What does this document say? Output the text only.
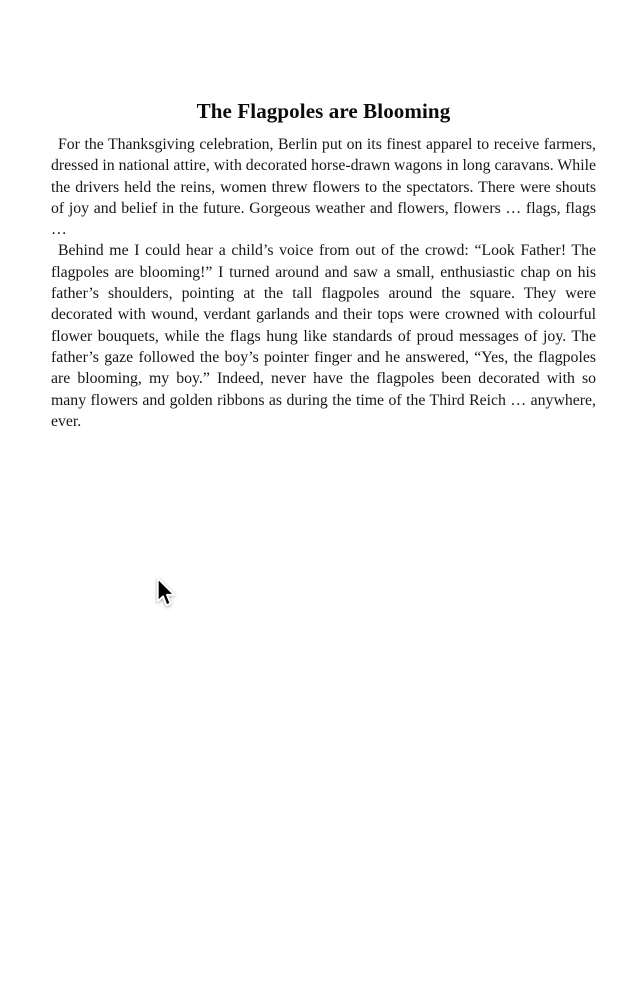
The Flagpoles are Blooming

For the Thanksgiving celebration, Berlin put on its finest apparel to receive farmers, dressed in national attire, with decorated horse-drawn wagons in long caravans. While the drivers held the reins, women threw flowers to the spectators. There were shouts of joy and belief in the future. Gorgeous weather and flowers, flowers … flags, flags …

Behind me I could hear a child’s voice from out of the crowd: “Look Father! The flagpoles are blooming!” I turned around and saw a small, enthusiastic chap on his father’s shoulders, pointing at the tall flagpoles around the square. They were decorated with wound, verdant garlands and their tops were crowned with colourful flower bouquets, while the flags hung like standards of proud messages of joy. The father’s gaze followed the boy’s pointer finger and he answered, “Yes, the flagpoles are blooming, my boy.” Indeed, never have the flagpoles been decorated with so many flowers and golden ribbons as during the time of the Third Reich … anywhere, ever.
